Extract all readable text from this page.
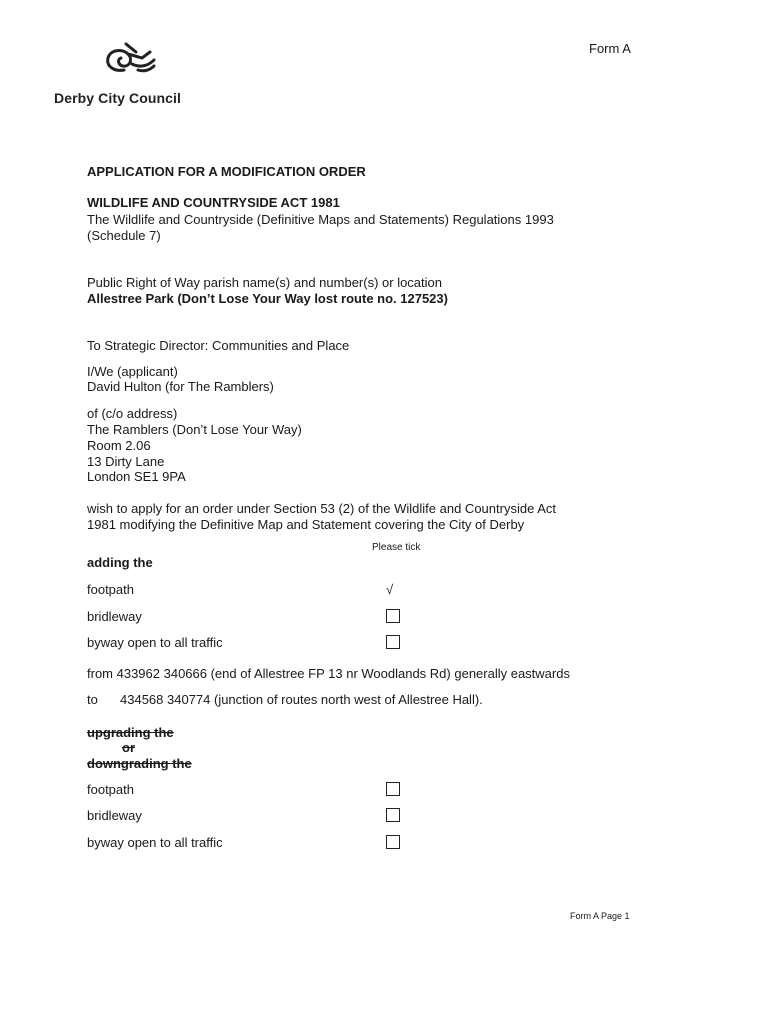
Derby City Council
Form A
APPLICATION FOR A MODIFICATION ORDER
WILDLIFE AND COUNTRYSIDE ACT 1981
The Wildlife and Countryside (Definitive Maps and Statements) Regulations 1993
(Schedule 7)
Public Right of Way parish name(s) and number(s) or location
Allestree Park (Don’t Lose Your Way lost route no. 127523)
To Strategic Director: Communities and Place
I/We (applicant)
David Hulton (for The Ramblers)
of (c/o address)
The Ramblers (Don’t Lose Your Way)
Room 2.06
13 Dirty Lane
London SE1 9PA
wish to apply for an order under Section 53 (2) of the Wildlife and Countryside Act
1981 modifying the Definitive Map and Statement covering the City of Derby
Please tick
adding the
footpath	√
bridleway
byway open to all traffic
from 433962 340666 (end of Allestree FP 13 nr Woodlands Rd) generally eastwards
to 434568 340774 (junction of routes north west of Allestree Hall).
upgrading the
or
downgrading the
footpath
bridleway
byway open to all traffic
Form A Page 1
